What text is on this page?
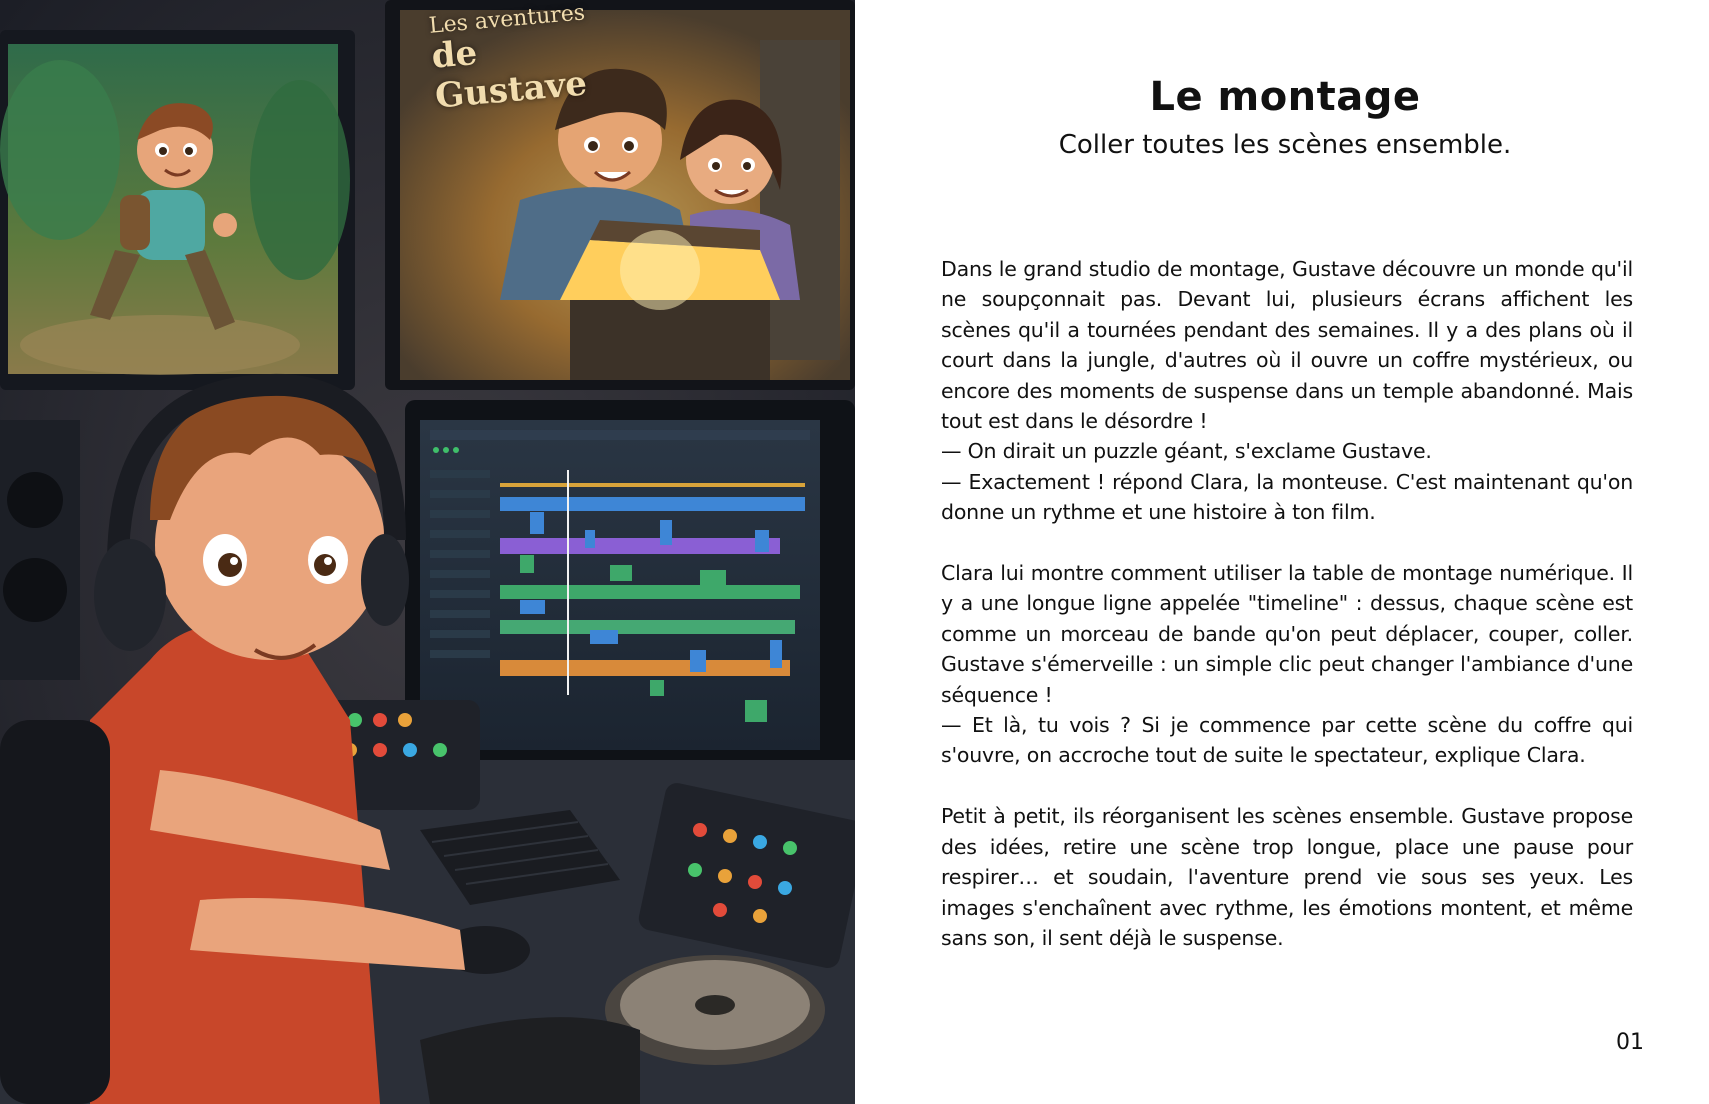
Les aventures
de Gustave	Le montage
Coller toutes les scènes ensemble.

Dans le grand studio de montage, Gustave découvre un monde qu'il ne soupçonnait pas. Devant lui, plusieurs écrans affichent les scènes qu'il a tournées pendant des semaines. Il y a des plans où il court dans la jungle, d'autres où il ouvre un coffre mystérieux, ou encore des moments de suspense dans un temple abandonné. Mais tout est dans le désordre !
— On dirait un puzzle géant, s'exclame Gustave.
— Exactement ! répond Clara, la monteuse. C'est maintenant qu'on donne un rythme et une histoire à ton film.

Clara lui montre comment utiliser la table de montage numérique. Il y a une longue ligne appelée "timeline" : dessus, chaque scène est comme un morceau de bande qu'on peut déplacer, couper, coller. Gustave s'émerveille : un simple clic peut changer l'ambiance d'une séquence !
— Et là, tu vois ? Si je commence par cette scène du coffre qui s'ouvre, on accroche tout de suite le spectateur, explique Clara.

Petit à petit, ils réorganisent les scènes ensemble. Gustave propose des idées, retire une scène trop longue, place une pause pour respirer… et soudain, l'aventure prend vie sous ses yeux. Les images s'enchaînent avec rythme, les émotions montent, et même sans son, il sent déjà le suspense.

01
